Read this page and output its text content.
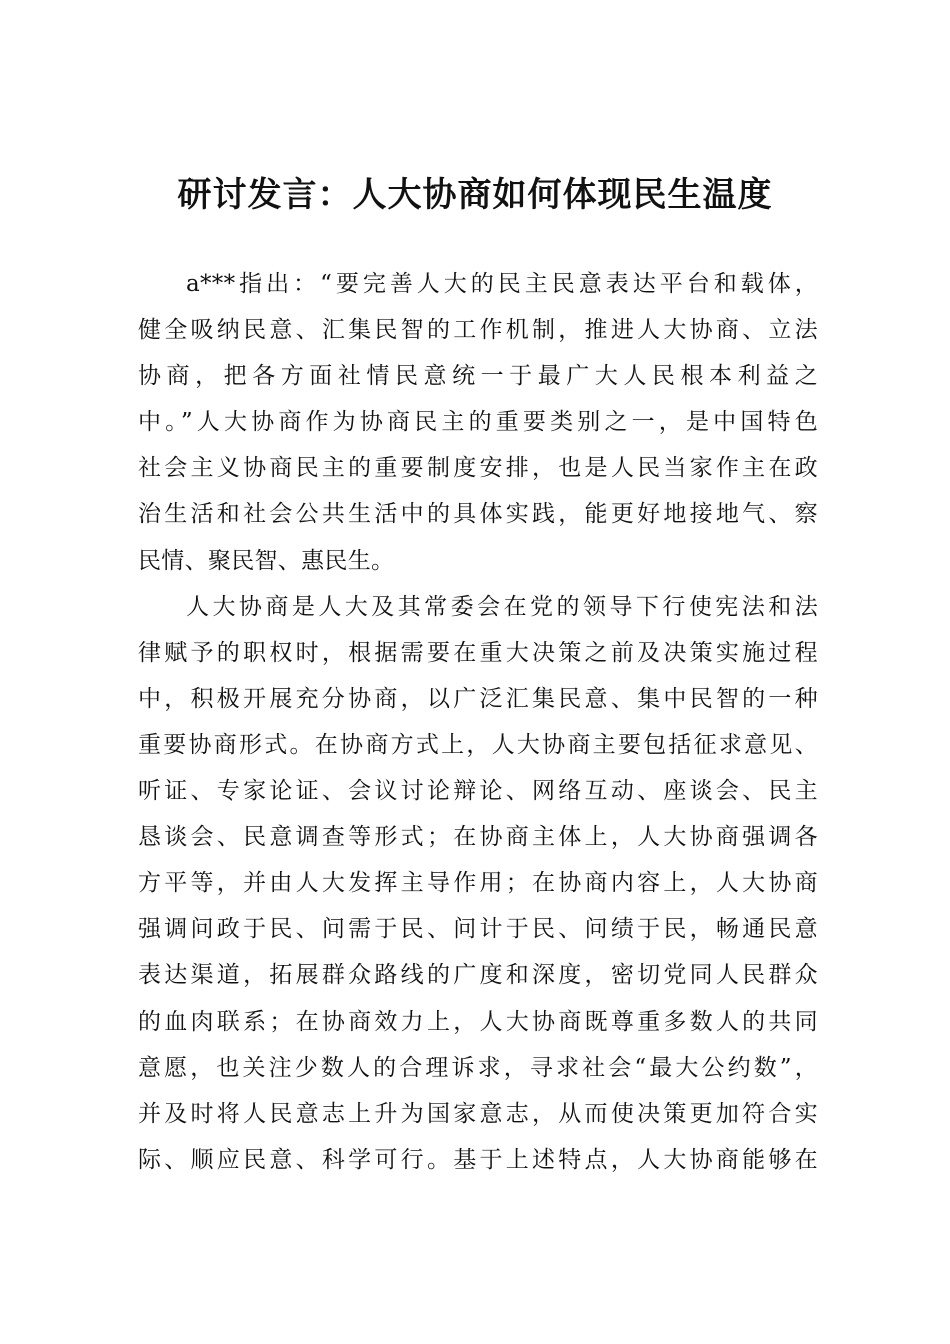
研讨发言：人大协商如何体现民生温度
a***指出：“要完善人大的民主民意表达平台和载体，
健全吸纳民意、汇集民智的工作机制，推进人大协商、立法
协商，把各方面社情民意统一于最广大人民根本利益之
中。”人大协商作为协商民主的重要类别之一，是中国特色
社会主义协商民主的重要制度安排，也是人民当家作主在政
治生活和社会公共生活中的具体实践，能更好地接地气、察
民情、聚民智、惠民生。
人大协商是人大及其常委会在党的领导下行使宪法和法
律赋予的职权时，根据需要在重大决策之前及决策实施过程
中，积极开展充分协商，以广泛汇集民意、集中民智的一种
重要协商形式。在协商方式上，人大协商主要包括征求意见、
听证、专家论证、会议讨论辩论、网络互动、座谈会、民主
恳谈会、民意调查等形式；在协商主体上，人大协商强调各
方平等，并由人大发挥主导作用；在协商内容上，人大协商
强调问政于民、问需于民、问计于民、问绩于民，畅通民意
表达渠道，拓展群众路线的广度和深度，密切党同人民群众
的血肉联系；在协商效力上，人大协商既尊重多数人的共同
意愿，也关注少数人的合理诉求，寻求社会“最大公约数”，
并及时将人民意志上升为国家意志，从而使决策更加符合实
际、顺应民意、科学可行。基于上述特点，人大协商能够在
